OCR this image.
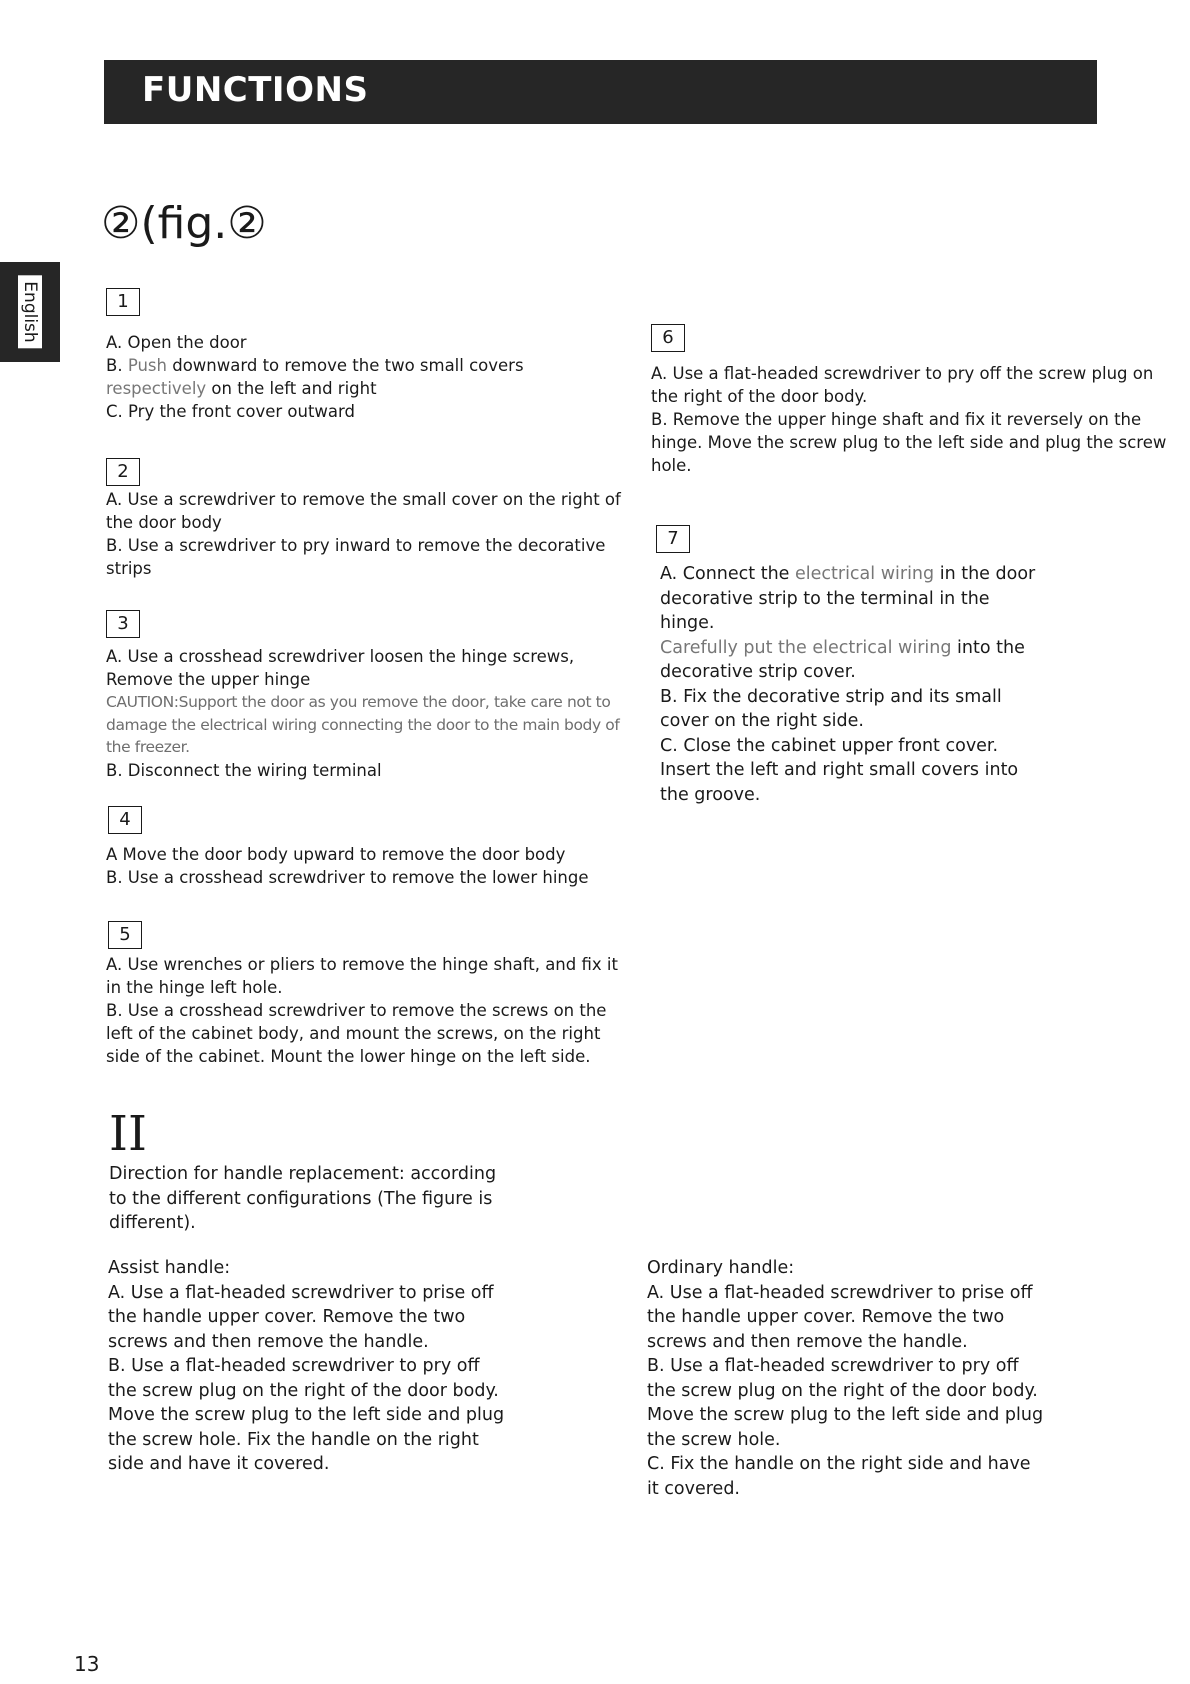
FUNCTIONS
English
②(fig.②
1

A. Open the door

B. Push downward to remove the two small covers respectively on the left and right

C. Pry the front cover outward

2

A. Use a screwdriver to remove the small cover on the right of the door body

B. Use a screwdriver to pry inward to remove the decorative strips

3

A. Use a crosshead screwdriver loosen the hinge screws, Remove the upper hinge

CAUTION:Support the door as you remove the door, take care not to damage the electrical wiring connecting the door to the main body of the freezer.

B. Disconnect the wiring terminal

4

A Move the door body upward to remove the door body

B. Use a crosshead screwdriver to remove the lower hinge

5

A. Use wrenches or pliers to remove the hinge shaft, and fix it in the hinge left hole.

B. Use a crosshead screwdriver to remove the screws on the left of the cabinet body, and mount the screws, on the right side of the cabinet. Mount the lower hinge on the left side.

6

A. Use a flat-headed screwdriver to pry off the screw plug on the right of the door body.

B. Remove the upper hinge shaft and fix it reversely on the hinge. Move the screw plug to the left side and plug the screw hole.

7

A. Connect the electrical wiring in the door decorative strip to the terminal in the hinge.

Carefully put the electrical wiring into the decorative strip cover.

B. Fix the decorative strip and its small cover on the right side.

C. Close the cabinet upper front cover.

Insert the left and right small covers into the groove.

II
Direction for handle replacement: according to the different configurations (The figure is different).

Assist handle:

A. Use a flat-headed screwdriver to prise off the handle upper cover. Remove the two screws and then remove the handle.

B. Use a flat-headed screwdriver to pry off the screw plug on the right of the door body. Move the screw plug to the left side and plug the screw hole. Fix the handle on the right side and have it covered.

Ordinary handle:

A. Use a flat-headed screwdriver to prise off the handle upper cover. Remove the two screws and then remove the handle.

B. Use a flat-headed screwdriver to pry off the screw plug on the right of the door body. Move the screw plug to the left side and plug the screw hole.

C. Fix the handle on the right side and have it covered.

13
